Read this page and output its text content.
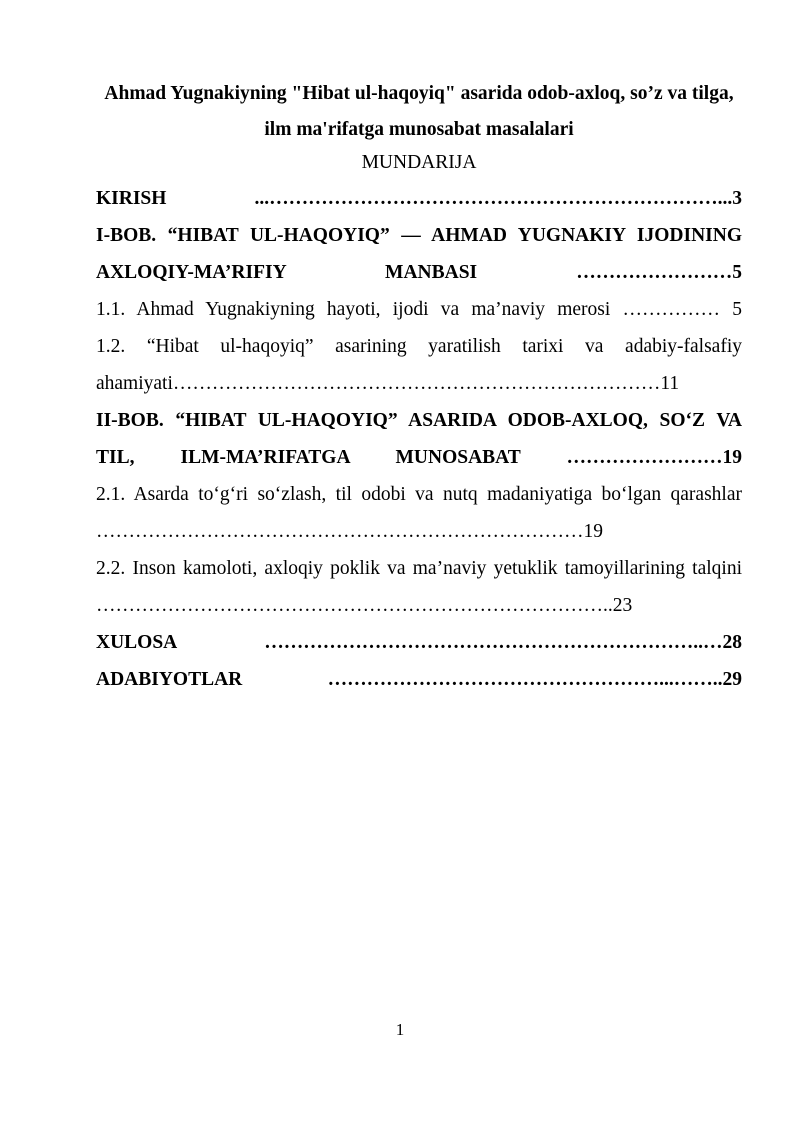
Ahmad Yugnakiyning "Hibat ul-haqoyiq" asarida odob-axloq, so’z va tilga, ilm ma'rifatga munosabat masalalari

MUNDARIJA

KIRISH ...……………………………………………………………...3

I-BOB. “HIBAT UL-HAQOYIQ” — AHMAD YUGNAKIY IJODINING AXLOQIY-MA’RIFIY MANBASI ……………………5

1.1. Ahmad Yugnakiyning hayoti, ijodi va ma’naviy merosi …………… 5

1.2. “Hibat ul-haqoyiq” asarining yaratilish tarixi va adabiy-falsafiy ahamiyati…………………………………………………………………11

II-BOB. “HIBAT UL-HAQOYIQ” ASARIDA ODOB-AXLOQ, SO‘Z VA TIL, ILM-MA’RIFATGA MUNOSABAT ……………………19

2.1. Asarda to‘g‘ri so‘zlash, til odobi va nutq madaniyatiga bo‘lgan qarashlar …………………………………………………………………19

2.2. Inson kamoloti, axloqiy poklik va ma’naviy yetuklik tamoyillarining talqini ……………………………………………………………………..23

XULOSA …………………………………………………………..…28

ADABIYOTLAR ……………………………………………...……..29

1
